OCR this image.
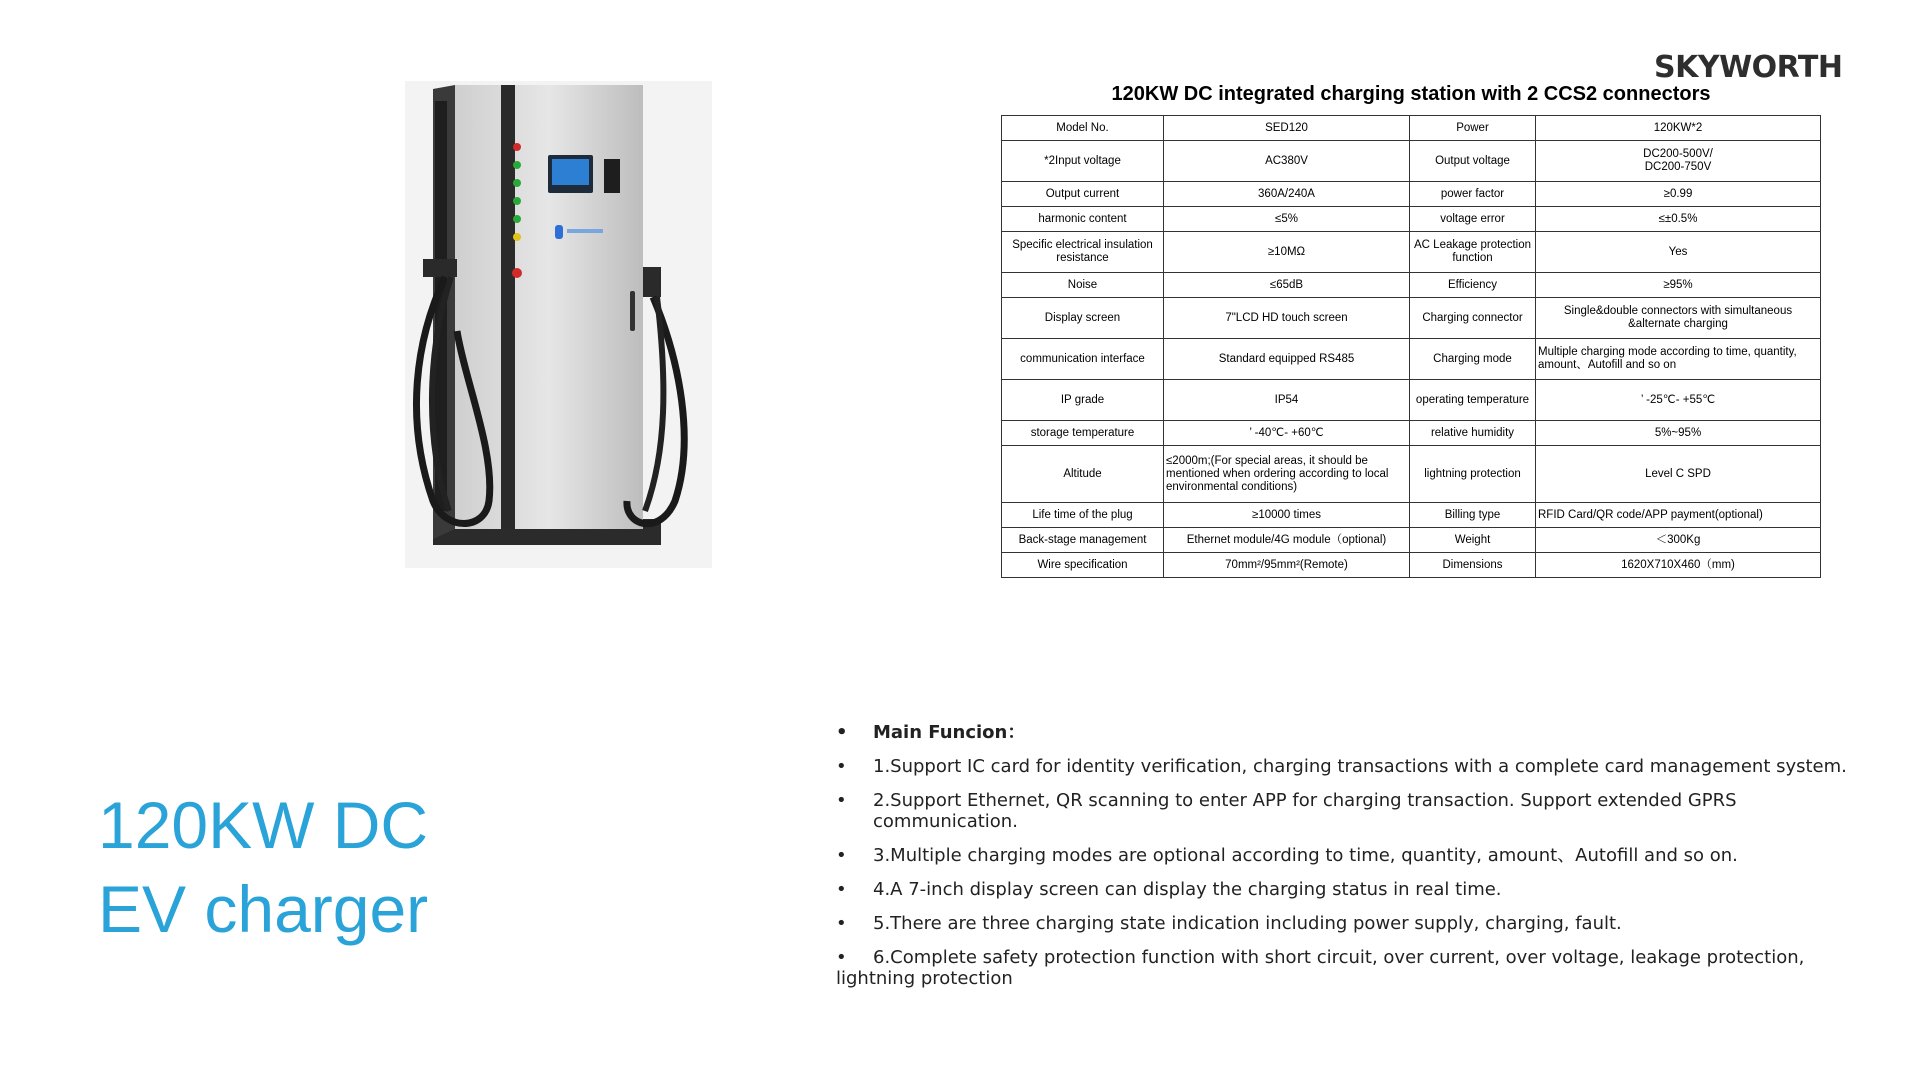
SKYWORTH
120KW DC integrated charging station with 2 CCS2 connectors
Model No.	SED120	Power	120KW*2
*2Input voltage	AC380V	Output voltage	DC200-500V/
DC200-750V
Output current	360A/240A	power factor	≥0.99
harmonic content	≤5%	voltage error	≤±0.5%
Specific electrical insulation resistance	≥10MΩ	AC Leakage protection function	Yes
Noise	≤65dB	Efficiency	≥95%
Display screen	7"LCD HD touch screen	Charging connector	Single&double connectors with simultaneous &alternate charging
communication interface	Standard equipped RS485	Charging mode	Multiple charging mode according to time, quantity, amount、Autofill and so on
IP grade	IP54	operating temperature	’ -25℃- +55℃
storage temperature	’ -40℃- +60℃	relative humidity	5%~95%
Altitude	≤2000m;(For special areas, it should be mentioned when ordering according to local environmental conditions)	lightning protection	Level C SPD
Life time of the plug	≥10000 times	Billing type	RFID Card/QR code/APP payment(optional)
Back-stage management	Ethernet module/4G module（optional)	Weight	＜300Kg
Wire specification	70mm²/95mm²(Remote)	Dimensions	1620X710X460（mm)
120KW DC
EV charger
• Main Funcion：
• 1.Support IC card for identity verification, charging transactions with a complete card management system.
• 2.Support Ethernet, QR scanning to enter APP for charging transaction. Support extended GPRS communication.
• 3.Multiple charging modes are optional according to time, quantity, amount、Autofill and so on.
• 4.A 7-inch display screen can display the charging status in real time.
• 5.There are three charging state indication including power supply, charging, fault.
• 6.Complete safety protection function with short circuit, over current, over voltage, leakage protection, lightning protection
